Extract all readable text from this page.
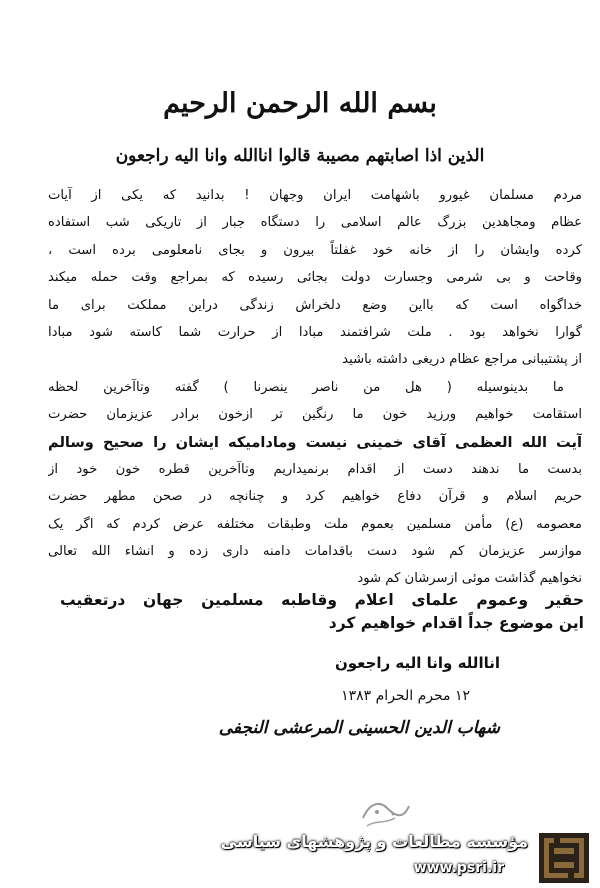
بسم الله الرحمن الرحیم
الذین اذا اصابتهم مصیبة قالوا اناالله وانا الیه راجعون
مردم مسلمان غیورو باشهامت ایران وجهان ! بدانید که یکی از آیات
عظام ومجاهدین بزرگ عالم اسلامی را دستگاه جبار از تاریکی شب استفاده
کرده وایشان را از خانه خود غفلتاً بیرون و بجای نامعلومی برده است ،
وقاحت و بی شرمی وجسارت دولت بجائی رسیده که بمراجع وقت حمله میکند
خداگواه است که بااین وضع دلخراش زندگی دراین مملکت برای ما
گوارا نخواهد بود . ملت شرافتمند مبادا از حرارت شما کاسته شود مبادا
از پشتیبانی مراجع عظام دریغی داشته باشید
ما بدینوسیله ( هل من ناصر ینصرنا ) گفته وتاآخرین لحظه
استقامت خواهیم ورزید خون ما رنگین تر ازخون برادر عزیزمان حضرت
آیت الله العظمی آقای خمینی نیست ومادامیکه ایشان را صحیح وسالم
بدست ما ندهند دست از اقدام برنمیداریم وتاآخرین قطره خون خود از
حریم اسلام و قرآن دفاع خواهیم کرد و چنانچه در صحن مطهر حضرت
معصومه (ع) مأمن مسلمین بعموم ملت وطبقات مختلفه عرض کردم که اگر یک
موازسر عزیزمان کم شود دست باقدامات دامنه داری زده و انشاء الله تعالی
نخواهیم گذاشت موئی ازسرشان کم شود
حقیر وعموم علمای اعلام وقاطبه مسلمین جهان درتعقیب
این موضوع جداً اقدام خواهیم کرد
اناالله وانا الیه راجعون
۱۲ محرم الحرام ۱۳۸۳
شهاب الدین الحسینی المرعشی النجفی
مؤسسه مطالعات و پژوهشهای سیاسی
www.psri.ir
